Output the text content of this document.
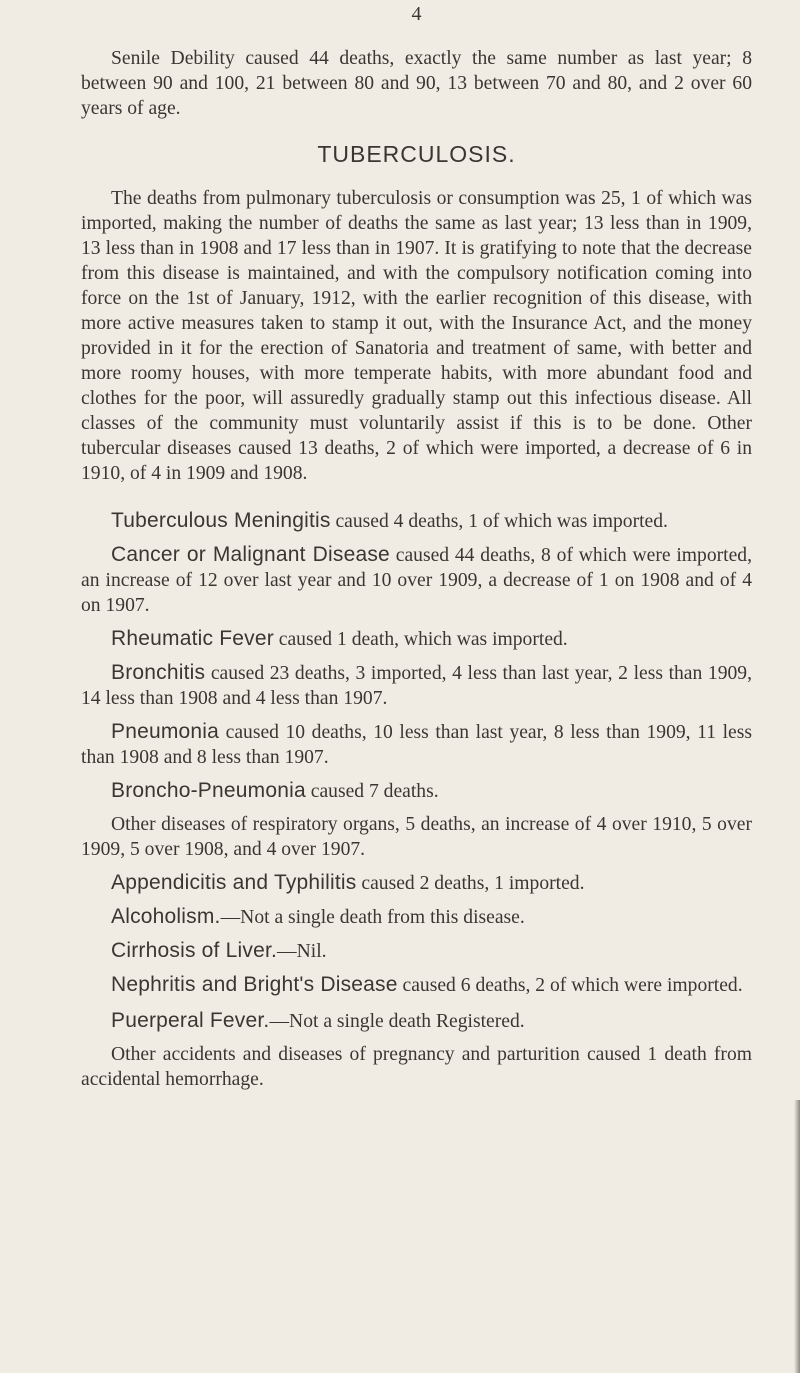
4

Senile Debility caused 44 deaths, exactly the same number as last year; 8 between 90 and 100, 21 between 80 and 90, 13 between 70 and 80, and 2 over 60 years of age.

TUBERCULOSIS.

The deaths from pulmonary tuberculosis or consumption was 25, 1 of which was imported, making the number of deaths the same as last year; 13 less than in 1909, 13 less than in 1908 and 17 less than in 1907. It is gratifying to note that the decrease from this disease is maintained, and with the compulsory notification coming into force on the 1st of January, 1912, with the earlier recognition of this disease, with more active measures taken to stamp it out, with the Insurance Act, and the money provided in it for the erection of Sanatoria and treatment of same, with better and more roomy houses, with more temperate habits, with more abundant food and clothes for the poor, will assuredly gradually stamp out this infectious disease. All classes of the community must voluntarily assist if this is to be done. Other tubercular diseases caused 13 deaths, 2 of which were imported, a decrease of 6 in 1910, of 4 in 1909 and 1908.

Tuberculous Meningitis caused 4 deaths, 1 of which was imported.

Cancer or Malignant Disease caused 44 deaths, 8 of which were imported, an increase of 12 over last year and 10 over 1909, a decrease of 1 on 1908 and of 4 on 1907.

Rheumatic Fever caused 1 death, which was imported.

Bronchitis caused 23 deaths, 3 imported, 4 less than last year, 2 less than 1909, 14 less than 1908 and 4 less than 1907.

Pneumonia caused 10 deaths, 10 less than last year, 8 less than 1909, 11 less than 1908 and 8 less than 1907.

Broncho-Pneumonia caused 7 deaths.

Other diseases of respiratory organs, 5 deaths, an increase of 4 over 1910, 5 over 1909, 5 over 1908, and 4 over 1907.

Appendicitis and Typhilitis caused 2 deaths, 1 imported.

Alcoholism.—Not a single death from this disease.

Cirrhosis of Liver.—Nil.

Nephritis and Bright's Disease caused 6 deaths, 2 of which were imported.

Puerperal Fever.—Not a single death Registered.

Other accidents and diseases of pregnancy and parturition caused 1 death from accidental hemorrhage.
